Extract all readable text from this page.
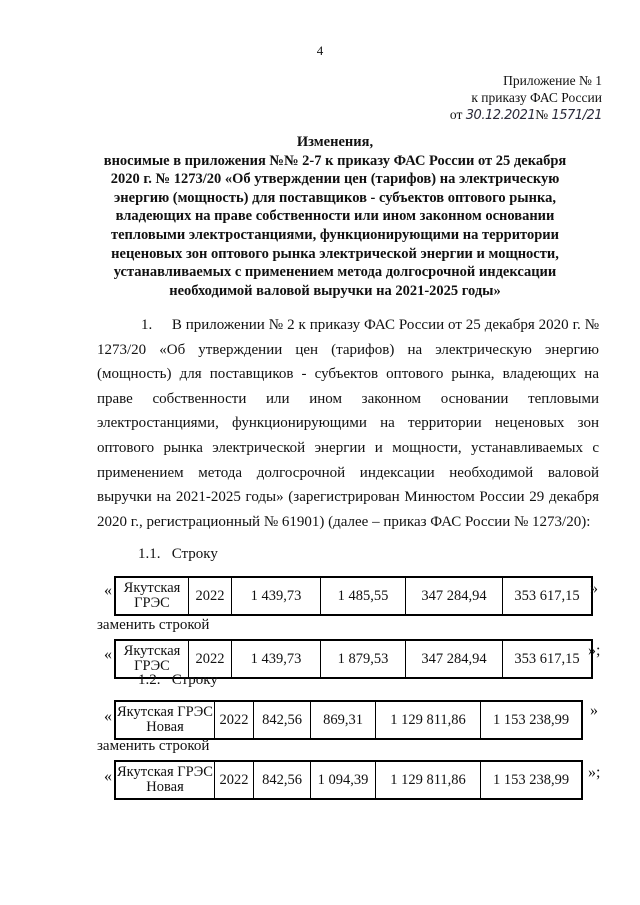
4
Приложение № 1
к приказу ФАС России
от 30.12.2021№ 1571/21
Изменения,
вносимые в приложения №№ 2-7 к приказу ФАС России от 25 декабря 2020 г. № 1273/20 «Об утверждении цен (тарифов) на электрическую энергию (мощность) для поставщиков - субъектов оптового рынка, владеющих на праве собственности или ином законном основании тепловыми электростанциями, функционирующими на территории неценовых зон оптового рынка электрической энергии и мощности, устанавливаемых с применением метода долгосрочной индексации необходимой валовой выручки на 2021-2025 годы»
1. В приложении № 2 к приказу ФАС России от 25 декабря 2020 г. № 1273/20 «Об утверждении цен (тарифов) на электрическую энергию (мощность) для поставщиков - субъектов оптового рынка, владеющих на праве собственности или ином законном основании тепловыми электростанциями, функционирующими на территории неценовых зон оптового рынка электрической энергии и мощности, устанавливаемых с применением метода долгосрочной индексации необходимой валовой выручки на 2021-2025 годы» (зарегистрирован Минюстом России 29 декабря 2020 г., регистрационный № 61901) (далее – приказ ФАС России № 1273/20):
1.1. Строку
« Якутская ГРЭС	2022	1 439,73	1 485,55	347 284,94	353 617,15 »
заменить строкой
« Якутская ГРЭС	2022	1 439,73	1 879,53	347 284,94	353 617,15 »;
1.2. Строку
« Якутская ГРЭС Новая	2022	842,56	869,31	1 129 811,86	1 153 238,99
»
заменить строкой
« Якутская ГРЭС Новая	2022	842,56	1 094,39	1 129 811,86	1 153 238,99 »;
